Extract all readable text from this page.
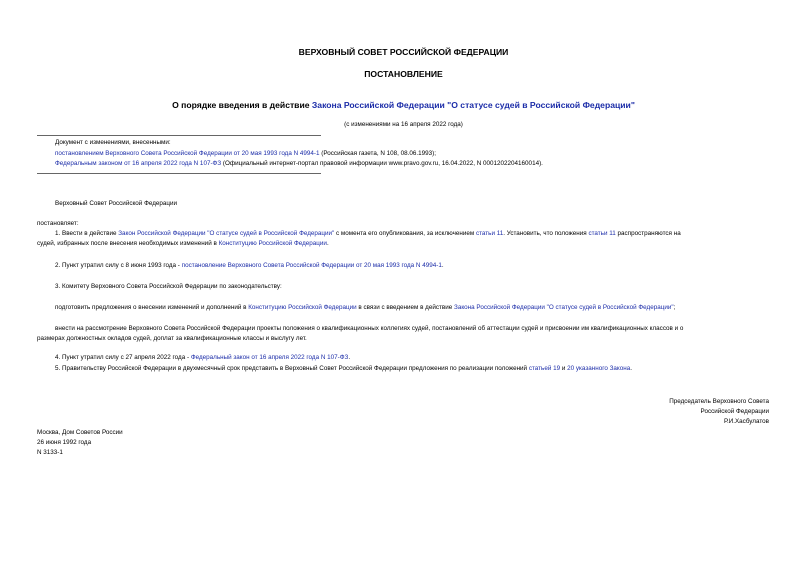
ВЕРХОВНЫЙ СОВЕТ РОССИЙСКОЙ ФЕДЕРАЦИИ
ПОСТАНОВЛЕНИЕ
О порядке введения в действие Закона Российской Федерации "О статусе судей в Российской Федерации"
(с изменениями на 16 апреля 2022 года)
Документ с изменениями, внесенными:
постановлением Верховного Совета Российской Федерации от 20 мая 1993 года N 4994-1 (Российская газета, N 108, 08.06.1993);
Федеральным законом от 16 апреля 2022 года N 107-ФЗ (Официальный интернет-портал правовой информации www.pravo.gov.ru, 16.04.2022, N 0001202204160014).
Верховный Совет Российской Федерации
постановляет:
1. Ввести в действие Закон Российской Федерации "О статусе судей в Российской Федерации" с момента его опубликования, за исключением статьи 11. Установить, что положения статьи 11 распространяются на
судей, избранных после внесения необходимых изменений в Конституцию Российской Федерации.
2. Пункт утратил силу с 8 июня 1993 года - постановление Верховного Совета Российской Федерации от 20 мая 1993 года N 4994-1.
3. Комитету Верховного Совета Российской Федерации по законодательству:
подготовить предложения о внесении изменений и дополнений в Конституцию Российской Федерации в связи с введением в действие Закона Российской Федерации "О статусе судей в Российской Федерации";
внести на рассмотрение Верховного Совета Российской Федерации проекты положения о квалификационных коллегиях судей, постановлений об аттестации судей и присвоении им квалификационных классов и о
размерах должностных окладов судей, доплат за квалификационные классы и выслугу лет.
4. Пункт утратил силу с 27 апреля 2022 года - Федеральный закон от 16 апреля 2022 года N 107-ФЗ.
5. Правительству Российской Федерации в двухмесячный срок представить в Верховный Совет Российской Федерации предложения по реализации положений статьей 19 и 20 указанного Закона.
Председатель Верховного Совета
Российской Федерации
Р.И.Хасбулатов
Москва, Дом Советов России
26 июня 1992 года
N 3133-1
